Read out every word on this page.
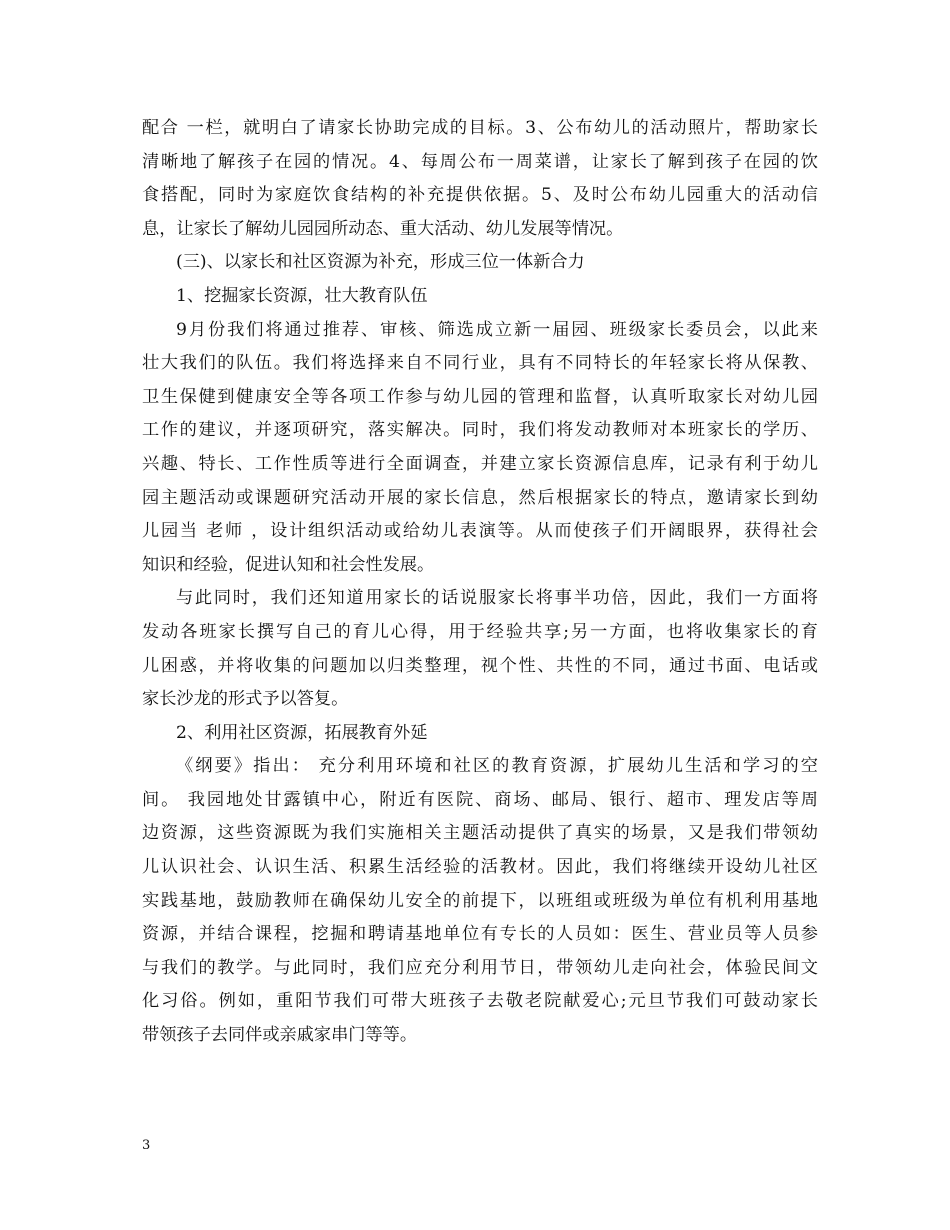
配合 一栏，就明白了请家长协助完成的目标。3、公布幼儿的活动照片，帮助家长
清晰地了解孩子在园的情况。4、每周公布一周菜谱，让家长了解到孩子在园的饮
食搭配，同时为家庭饮食结构的补充提供依据。5、及时公布幼儿园重大的活动信
息，让家长了解幼儿园园所动态、重大活动、幼儿发展等情况。
(三)、以家长和社区资源为补充，形成三位一体新合力
1、挖掘家长资源，壮大教育队伍
9月份我们将通过推荐、审核、筛选成立新一届园、班级家长委员会，以此来
壮大我们的队伍。我们将选择来自不同行业，具有不同特长的年轻家长将从保教、
卫生保健到健康安全等各项工作参与幼儿园的管理和监督，认真听取家长对幼儿园
工作的建议，并逐项研究，落实解决。同时，我们将发动教师对本班家长的学历、
兴趣、特长、工作性质等进行全面调查，并建立家长资源信息库，记录有利于幼儿
园主题活动或课题研究活动开展的家长信息，然后根据家长的特点，邀请家长到幼
儿园当 老师 ，设计组织活动或给幼儿表演等。从而使孩子们开阔眼界，获得社会
知识和经验，促进认知和社会性发展。
与此同时，我们还知道用家长的话说服家长将事半功倍，因此，我们一方面将
发动各班家长撰写自己的育儿心得，用于经验共享;另一方面，也将收集家长的育
儿困惑，并将收集的问题加以归类整理，视个性、共性的不同，通过书面、电话或
家长沙龙的形式予以答复。
2、利用社区资源，拓展教育外延
《纲要》指出： 充分利用环境和社区的教育资源，扩展幼儿生活和学习的空
间。 我园地处甘露镇中心，附近有医院、商场、邮局、银行、超市、理发店等周
边资源，这些资源既为我们实施相关主题活动提供了真实的场景，又是我们带领幼
儿认识社会、认识生活、积累生活经验的活教材。因此，我们将继续开设幼儿社区
实践基地，鼓励教师在确保幼儿安全的前提下，以班组或班级为单位有机利用基地
资源，并结合课程，挖掘和聘请基地单位有专长的人员如：医生、营业员等人员参
与我们的教学。与此同时，我们应充分利用节日，带领幼儿走向社会，体验民间文
化习俗。例如，重阳节我们可带大班孩子去敬老院献爱心;元旦节我们可鼓动家长
带领孩子去同伴或亲戚家串门等等。
3
